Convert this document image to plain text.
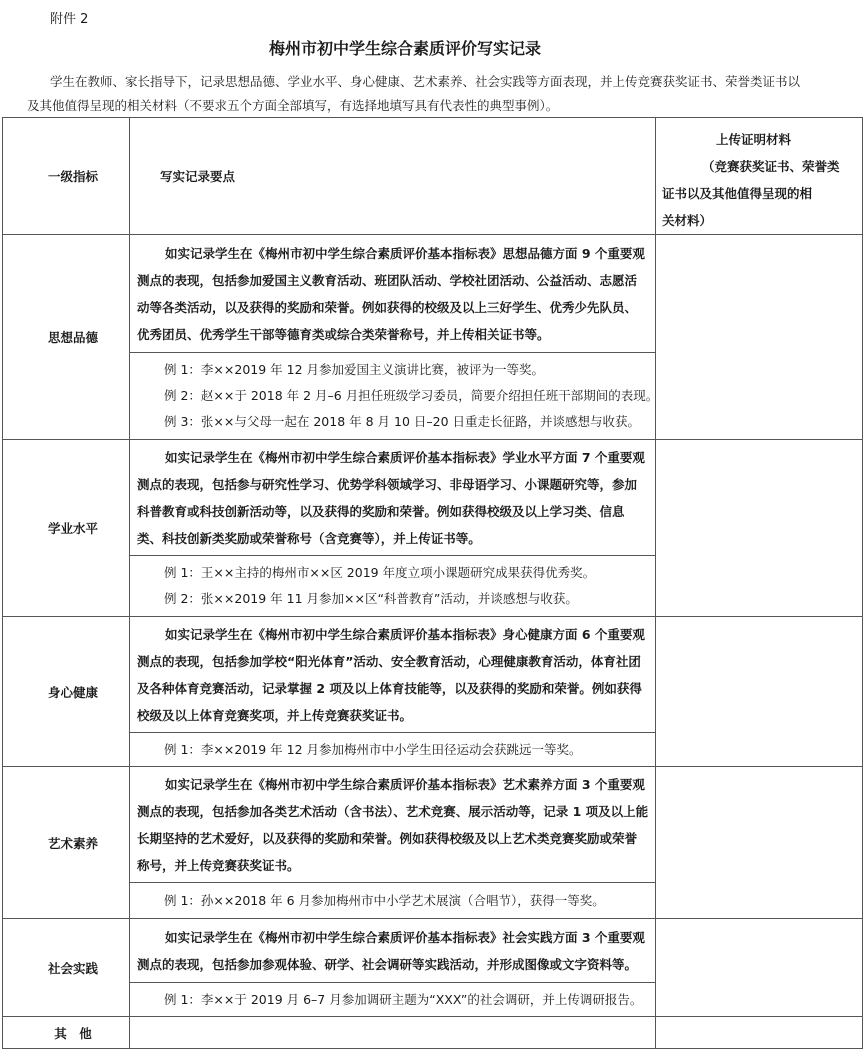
附件 2
梅州市初中学生综合素质评价写实记录
学生在教师、家长指导下，记录思想品德、学业水平、身心健康、艺术素养、社会实践等方面表现，并上传竞赛获奖证书、荣誉类证书以及其他值得呈现的相关材料（不要求五个方面全部填写，有选择地填写具有代表性的典型事例）。
一级指标	写实记录要点	上传证明材料
（竞赛获奖证书、荣誉类
证书以及其他值得呈现的相
关材料）

思想品德	如实记录学生在《梅州市初中学生综合素质评价基本指标表》思想品德方面 9 个重要观测点的表现，包括参加爱国主义教育活动、班团队活动、学校社团活动、公益活动、志愿活动等各类活动，以及获得的奖励和荣誉。例如获得的校级及以上三好学生、优秀少先队员、优秀团员、优秀学生干部等德育类或综合类荣誉称号，并上传相关证书等。	

	例 1：李××2019 年 12 月参加爱国主义演讲比赛，被评为一等奖。
例 2：赵××于 2018 年 2 月–6 月担任班级学习委员，简要介绍担任班干部期间的表现。
例 3：张××与父母一起在 2018 年 8 月 10 日–20 日重走长征路，并谈感想与收获。	

学业水平	如实记录学生在《梅州市初中学生综合素质评价基本指标表》学业水平方面 7 个重要观测点的表现，包括参与研究性学习、优势学科领域学习、非母语学习、小课题研究等，参加科普教育或科技创新活动等，以及获得的奖励和荣誉。例如获得校级及以上学习类、信息类、科技创新类奖励或荣誉称号（含竞赛等），并上传证书等。	

	例 1：王××主持的梅州市××区 2019 年度立项小课题研究成果获得优秀奖。
例 2：张××2019 年 11 月参加××区“科普教育”活动，并谈感想与收获。	

身心健康	如实记录学生在《梅州市初中学生综合素质评价基本指标表》身心健康方面 6 个重要观测点的表现，包括参加学校“阳光体育”活动、安全教育活动，心理健康教育活动，体育社团及各种体育竞赛活动，记录掌握 2 项及以上体育技能等，以及获得的奖励和荣誉。例如获得校级及以上体育竞赛奖项，并上传竞赛获奖证书。	

	例 1：李××2019 年 12 月参加梅州市中小学生田径运动会获跳远一等奖。	

艺术素养	如实记录学生在《梅州市初中学生综合素质评价基本指标表》艺术素养方面 3 个重要观测点的表现，包括参加各类艺术活动（含书法）、艺术竞赛、展示活动等，记录 1 项及以上能长期坚持的艺术爱好，以及获得的奖励和荣誉。例如获得校级及以上艺术类竞赛奖励或荣誉称号，并上传竞赛获奖证书。	

	例 1：孙××2018 年 6 月参加梅州市中小学艺术展演（合唱节），获得一等奖。	

社会实践	如实记录学生在《梅州市初中学生综合素质评价基本指标表》社会实践方面 3 个重要观测点的表现，包括参加参观体验、研学、社会调研等实践活动，并形成图像或文字资料等。	

	例 1：李××于 2019 月 6–7 月参加调研主题为“XXX”的社会调研，并上传调研报告。	

其　他		
